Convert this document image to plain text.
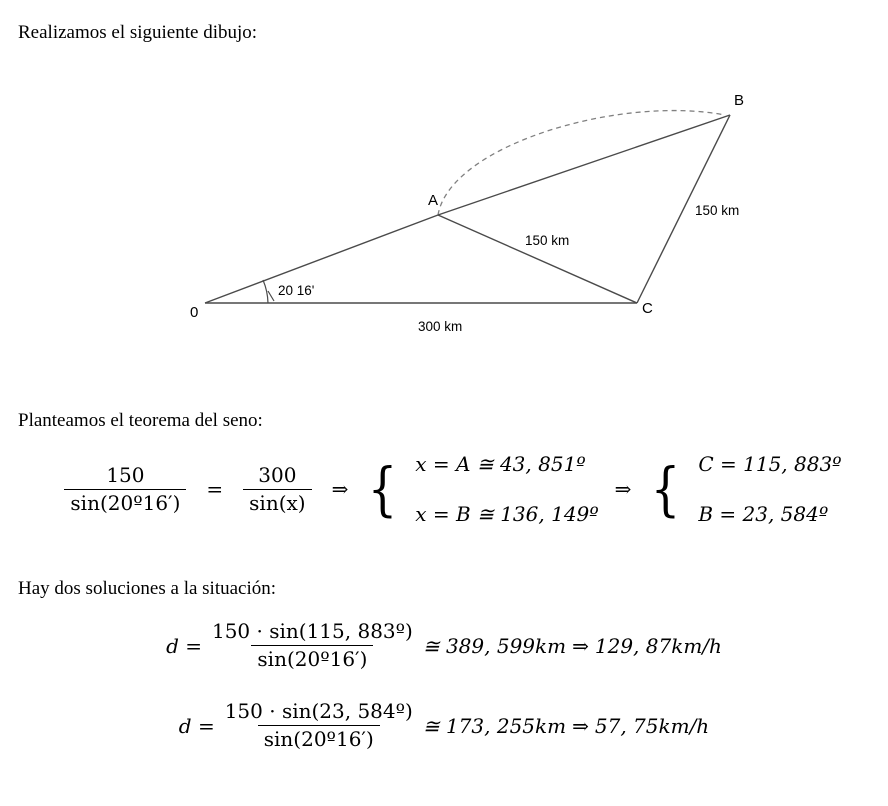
Realizamos el siguiente dibujo:
0
A
B
C
20 16'
300 km
150 km
150 km
Planteamos el teorema del seno:
$\frac{150}{\text{sin(20º16′)}} = \frac{300}{\sin(x)}$ ⇒ { x = A ≅ 43, 851º
x = B ≅ 136, 149º
⇒ { C = 115, 883º
B = 23, 584º
Hay dos soluciones a la situación:
$d = \frac{\text{150 · sin(115, 883º)}}{\text{sin(20º16′)}}$ ≅ 389, 599km ⇒ 129, 87km/h
$d = \frac{\text{150 · sin(23, 584º)}}{\text{sin(20º16′)}}$ ≅ 173, 255km ⇒ 57, 75km/h
